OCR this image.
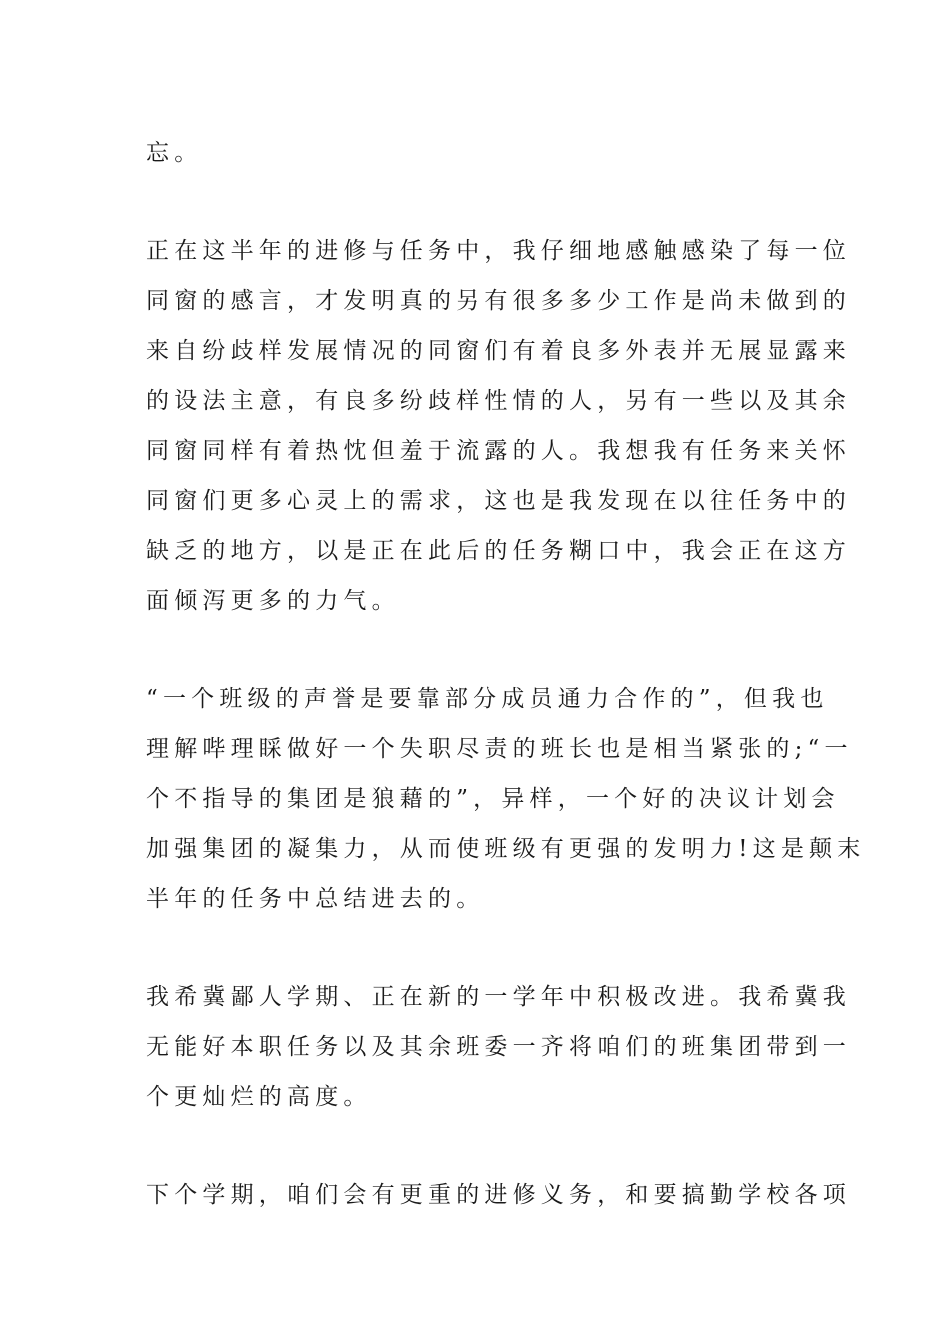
忘。
正在这半年的进修与任务中，我仔细地感触感染了每一位
同窗的感言，才发明真的另有很多多少工作是尚未做到的
来自纷歧样发展情况的同窗们有着良多外表并无展显露来
的设法主意，有良多纷歧样性情的人，另有一些以及其余
同窗同样有着热忱但羞于流露的人。我想我有任务来关怀
同窗们更多心灵上的需求，这也是我发现在以往任务中的
缺乏的地方，以是正在此后的任务糊口中，我会正在这方
面倾泻更多的力气。
“一个班级的声誉是要靠部分成员通力合作的”，但我也
理解哔理睬做好一个失职尽责的班长也是相当紧张的;“一
个不指导的集团是狼藉的”，异样，一个好的决议计划会
加强集团的凝集力，从而使班级有更强的发明力!这是颠末
半年的任务中总结进去的。
我希冀鄙人学期、正在新的一学年中积极改进。我希冀我
无能好本职任务以及其余班委一齐将咱们的班集团带到一
个更灿烂的高度。
下个学期，咱们会有更重的进修义务，和要搞勤学校各项
